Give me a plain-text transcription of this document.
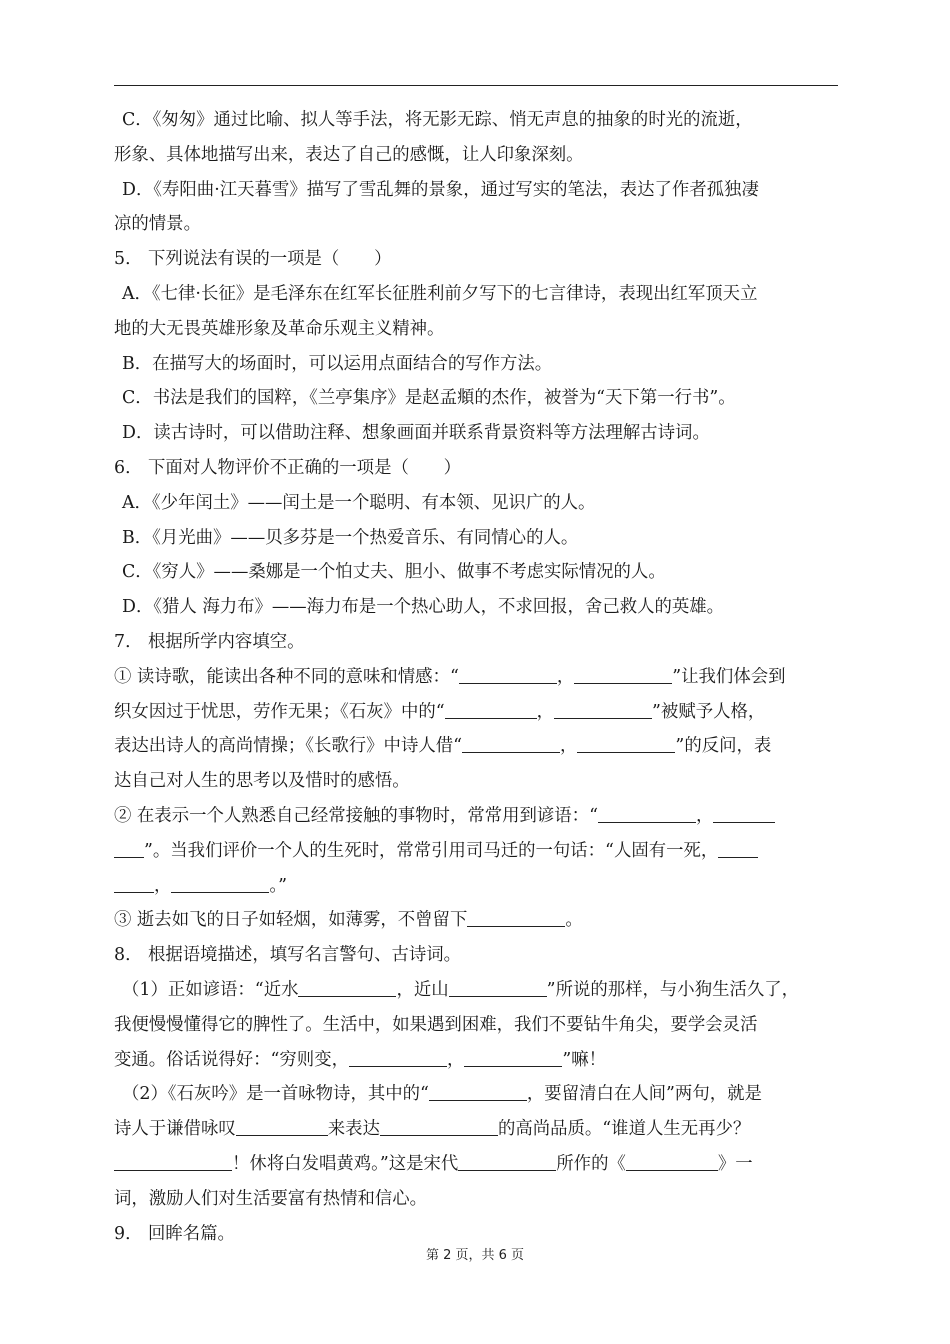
C．《匆匆》通过比喻、拟人等手法，将无影无踪、悄无声息的抽象的时光的流逝，
形象、具体地描写出来，表达了自己的感慨，让人印象深刻。
D．《寿阳曲·江天暮雪》描写了雪乱舞的景象，通过写实的笔法，表达了作者孤独凄
凉的情景。
5． 下列说法有误的一项是（　　）
A．《七律·长征》是毛泽东在红军长征胜利前夕写下的七言律诗，表现出红军顶天立
地的大无畏英雄形象及革命乐观主义精神。
B．在描写大的场面时，可以运用点面结合的写作方法。
C．书法是我们的国粹，《兰亭集序》是赵孟頫的杰作，被誉为“天下第一行书”。
D．读古诗时，可以借助注释、想象画面并联系背景资料等方法理解古诗词。
6． 下面对人物评价不正确的一项是（　　）
A．《少年闰土》——闰土是一个聪明、有本领、见识广的人。
B．《月光曲》——贝多芬是一个热爱音乐、有同情心的人。
C．《穷人》——桑娜是一个怕丈夫、胆小、做事不考虑实际情况的人。
D．《猎人 海力布》——海力布是一个热心助人，不求回报，舍己救人的英雄。
7． 根据所学内容填空。
① 读诗歌，能读出各种不同的意味和情感：“	，	”让我们体会到
织女因过于忧思，劳作无果；《石灰》中的“	，	”被赋予人格，
表达出诗人的高尚情操；《长歌行》中诗人借“	，	”的反问，表
达自己对人生的思考以及惜时的感悟。
② 在表示一个人熟悉自己经常接触的事物时，常常用到谚语：“	，
”。当我们评价一个人的生死时，常常引用司马迁的一句话：“人固有一死，
，	。”
③ 逝去如飞的日子如轻烟，如薄雾，不曾留下	。
8． 根据语境描述，填写名言警句、古诗词。
（1）正如谚语：“近水	，近山	”所说的那样，与小狗生活久了，
我便慢慢懂得它的脾性了。生活中，如果遇到困难，我们不要钻牛角尖，要学会灵活
变通。俗话说得好：“穷则变，	，	”嘛！
（2）《石灰吟》是一首咏物诗，其中的“	，要留清白在人间”两句，就是
诗人于谦借咏叹	来表达	的高尚品质。“谁道人生无再少？
！休将白发唱黄鸡。”这是宋代	所作的《	》一
词，激励人们对生活要富有热情和信心。
9． 回眸名篇。
第 2 页，共 6 页
